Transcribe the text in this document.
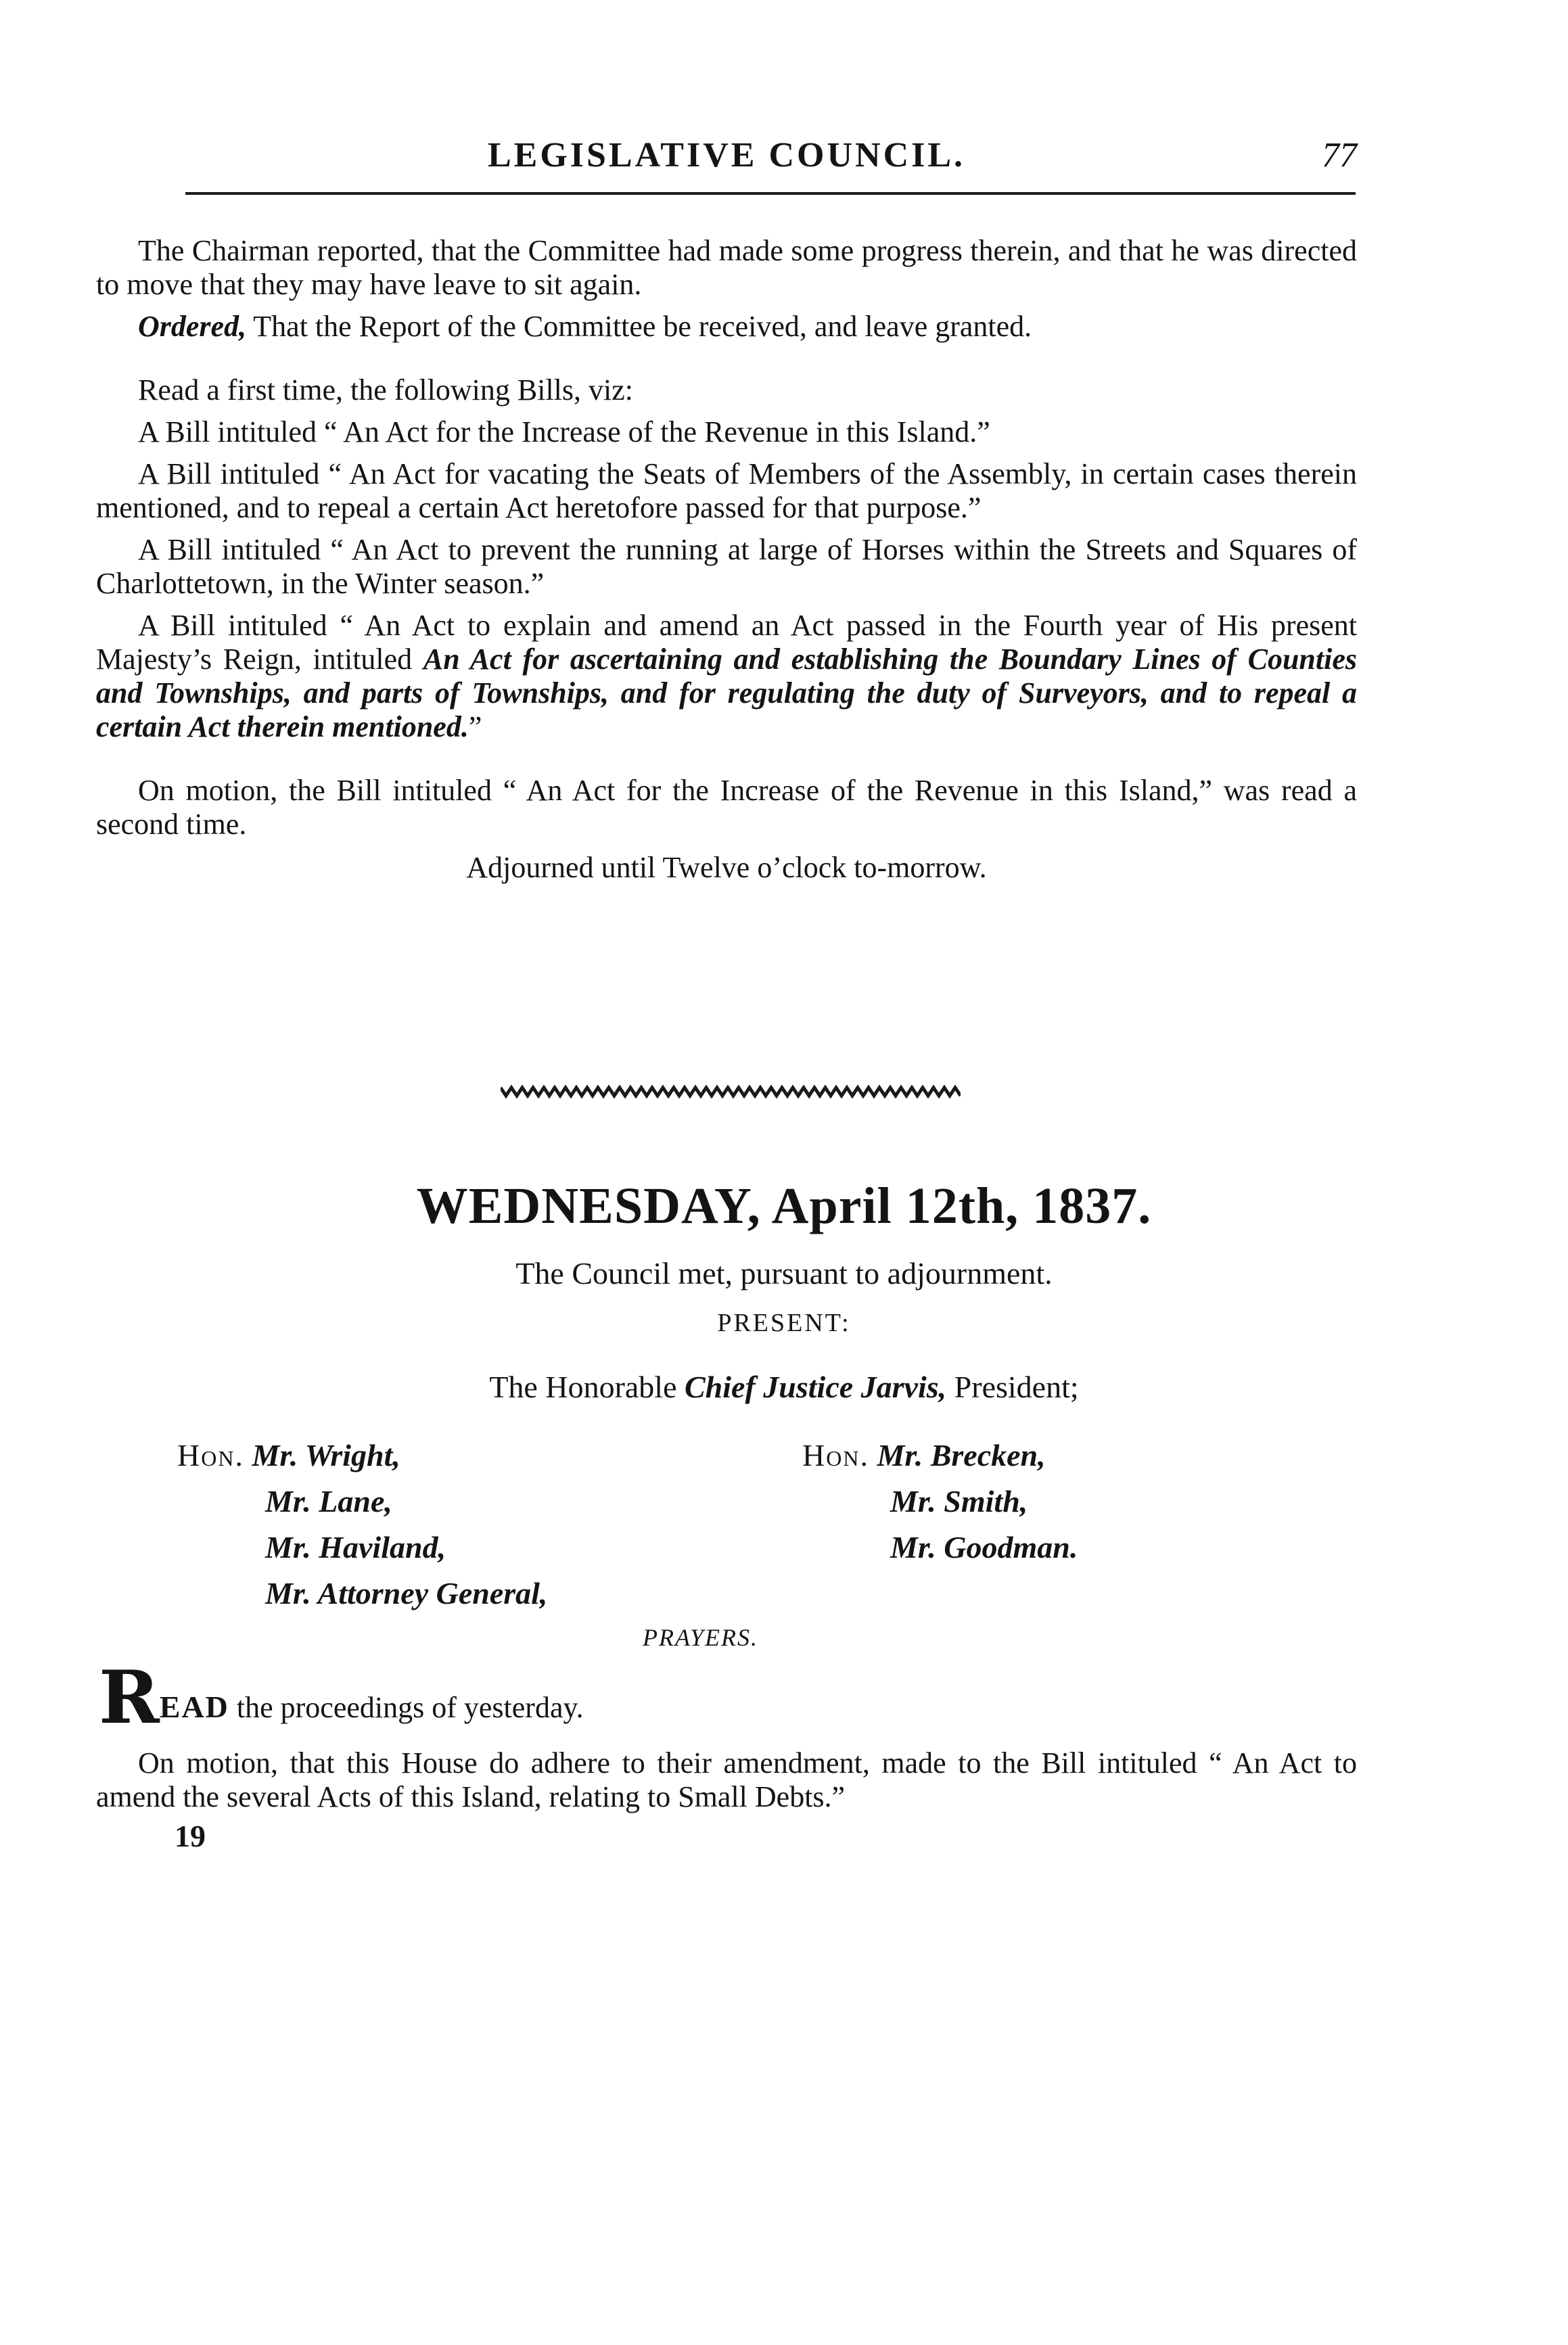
LEGISLATIVE COUNCIL.	77

The Chairman reported, that the Committee had made some progress therein, and that he was directed to move that they may have leave to sit again.

Ordered, That the Report of the Committee be received, and leave granted.

Read a first time, the following Bills, viz:

A Bill intituled “ An Act for the Increase of the Revenue in this Island.”

A Bill intituled “ An Act for vacating the Seats of Members of the Assembly, in certain cases therein mentioned, and to repeal a certain Act heretofore passed for that purpose.”

A Bill intituled “ An Act to prevent the running at large of Horses within the Streets and Squares of Charlottetown, in the Winter season.”

A Bill intituled “ An Act to explain and amend an Act passed in the Fourth year of His present Majesty’s Reign, intituled An Act for ascertaining and establishing the Boundary Lines of Counties and Townships, and parts of Townships, and for regulating the duty of Surveyors, and to repeal a certain Act therein mentioned.”

On motion, the Bill intituled “ An Act for the Increase of the Revenue in this Island,” was read a second time.

Adjourned until Twelve o’clock to-morrow.

WEDNESDAY, April 12th, 1837.
The Council met, pursuant to adjournment.
PRESENT:
The Honorable Chief Justice Jarvis, President;
Hon. Mr. Wright,
Mr. Lane,
Mr. Haviland,
Mr. Attorney General,
Hon. Mr. Brecken,
Mr. Smith,
Mr. Goodman.
PRAYERS.
READ the proceedings of yesterday.

On motion, that this House do adhere to their amendment, made to the Bill intituled “ An Act to amend the several Acts of this Island, relating to Small Debts.”

19
